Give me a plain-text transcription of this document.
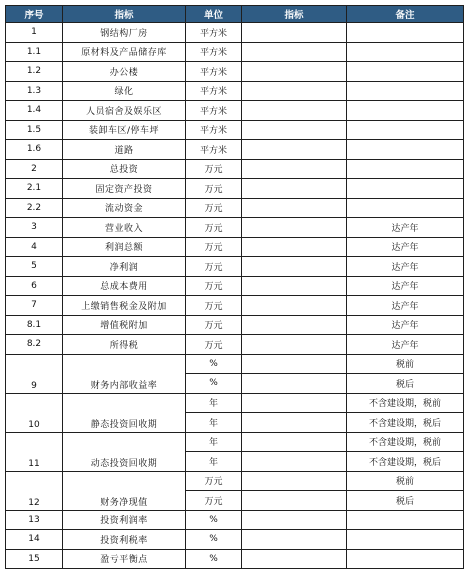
序号	指标	单位	指标	备注
1	钢结构厂房	平方米		
1.1	原材料及产品储存库	平方米		
1.2	办公楼	平方米		
1.3	绿化	平方米		
1.4	人员宿舍及娱乐区	平方米		
1.5	装卸车区/停车坪	平方米		
1.6	道路	平方米		
2	总投资	万元		
2.1	固定资产投资	万元		
2.2	流动资金	万元		
3	营业收入	万元		达产年
4	利润总额	万元		达产年
5	净利润	万元		达产年
6	总成本费用	万元		达产年
7	上缴销售税金及附加	万元		达产年
8.1	增值税附加	万元		达产年
8.2	所得税	万元		达产年
9	财务内部收益率	%		税前
		%		税后
10	静态投资回收期	年		不含建设期，税前
		年		不含建设期，税后
11	动态投资回收期	年		不含建设期，税前
		年		不含建设期，税后
12	财务净现值	万元		税前
		万元		税后
13	投资利润率	%		
14	投资利税率	%		
15	盈亏平衡点	%		
